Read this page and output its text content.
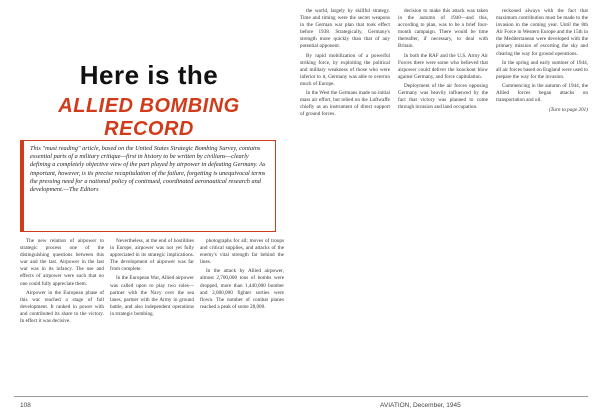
Here is the
ALLIED BOMBING RECORD
This "must reading" article, based on the United States Strategic Bombing Survey, contains essential parts of a military critique—first in history to be written by civilians—clearly defining a completely objective view of the part played by airpower in defeating Germany. As important, however, is its precise recapitulation of the failure, forgetting is unequivocal terms the pressing need for a national policy of continued, coordinated aeronautical research and development.—The Editors

The new relation of airpower to strategic process one of the distinguishing questions between this war and the last. Airpower in the last war was in its infancy. The use and effects of airpower were such that no one could fully appreciate them.

Airpower in the European phase of this war reached a stage of full development. It ranked in power with and contributed its share to the victory. In effect it was decisive.

Nevertheless, at the end of hostilities in Europe, airpower was not yet fully appreciated in its strategic implications. The development of airpower was far from complete.

In the European War, Allied airpower was called upon to play two roles—partner with the Navy over the sea lanes, partner with the Army in ground battle, and also independent operations in strategic bombing.

photographs for all; moves of troops and critical supplies, and attacks of the enemy's vital strength far behind the lines.

In the attack by Allied airpower, almost 2,700,000 tons of bombs were dropped, more than 1,440,000 bomber and 2,680,000 fighter sorties were flown. The number of combat planes reached a peak of some 28,000.

the world, largely by skillful strategy. Time and timing were the secret weapons in the German war plan that took effect before 1938. Strategically, Germany's strength more quickly than that of any potential opponent.

By rapid mobilization of a powerful striking force, by exploiting the political and military weakness of those who were inferior to it, Germany was able to overrun much of Europe.

In the West the Germans made no initial mass air effort, but relied on the Luftwaffe chiefly as an instrument of direct support of ground forces.

decision to make this attack was taken in the autumn of 1940—and this, according to plan, was to be a brief four-month campaign. There would be time thereafter, if necessary, to deal with Britain.

In both the RAF and the U.S. Army Air Forces there were some who believed that airpower could deliver the knockout blow against Germany, and force capitulation.

Deployment of the air forces opposing Germany was heavily influenced by the fact that victory was planned to come through invasion and land occupation.

reckoned always with the fact that maximum contribution must be made to the invasion in the coming year. Until the 8th Air Force in Western Europe and the 15th in the Mediterranean were developed with the primary mission of escorting the sky and clearing the way for ground operations.

In the spring and early summer of 1944, all air forces based on England were used to prepare the way for the invasion.

Commencing in the autumn of 1944, the Allied forces began attacks on transportation and oil.

(Turn to page 201)
108	AVIATION, December, 1945
